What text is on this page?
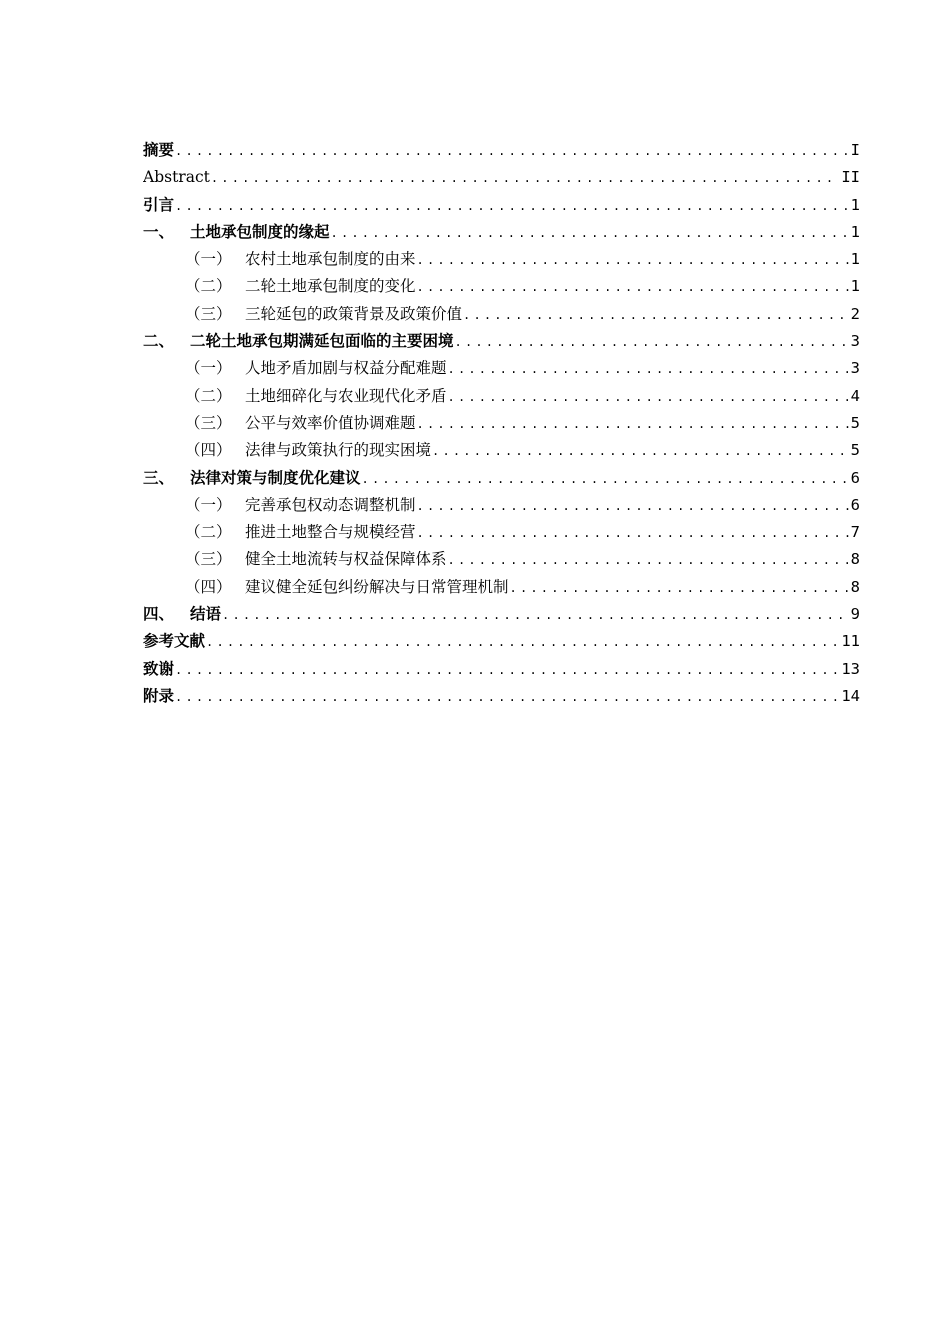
摘要 .....	I
Abstract .....	II
引言 .....	1
一、 土地承包制度的缘起 .....	1
（一） 农村土地承包制度的由来 .....	1
（二） 二轮土地承包制度的变化 .....	1
（三） 三轮延包的政策背景及政策价值 .....	2
二、 二轮土地承包期满延包面临的主要困境 .....	3
（一） 人地矛盾加剧与权益分配难题 .....	3
（二） 土地细碎化与农业现代化矛盾 .....	4
（三） 公平与效率价值协调难题 .....	5
（四） 法律与政策执行的现实困境 .....	5
三、 法律对策与制度优化建议 .....	6
（一） 完善承包权动态调整机制 .....	6
（二） 推进土地整合与规模经营 .....	7
（三） 健全土地流转与权益保障体系 .....	8
（四） 建议健全延包纠纷解决与日常管理机制 .....	8
四、 结语 .....	9
参考文献 .....	11
致谢 .....	13
附录 .....	14
